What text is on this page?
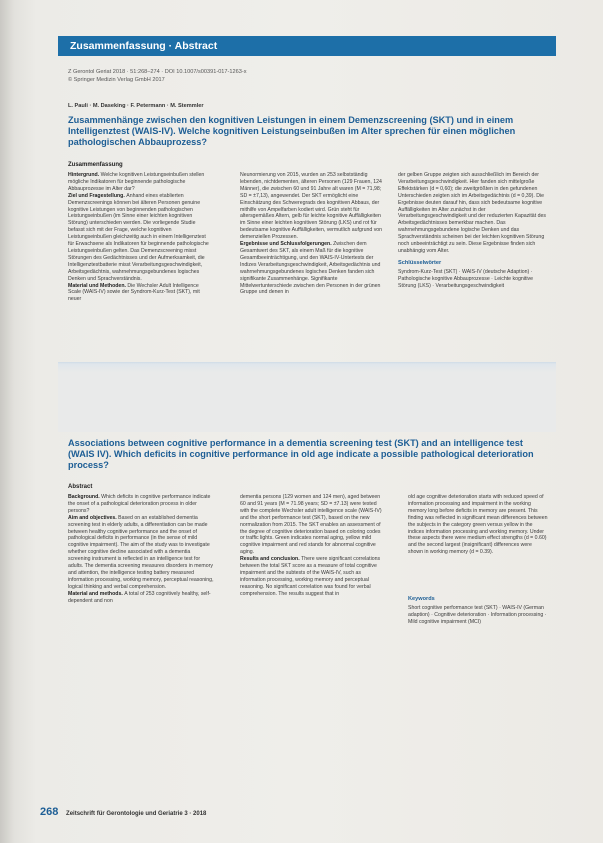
Zusammenfassung · Abstract
Z Gerontol Geriat 2018 · 51:268–274 · DOI 10.1007/s00391-017-1263-x
© Springer Medizin Verlag GmbH 2017
L. Pauli · M. Daseking · F. Petermann · M. Stemmler
Zusammenhänge zwischen den kognitiven Leistungen in einem Demenzscreening (SKT) und in einem Intelligenztest (WAIS-IV). Welche kognitiven Leistungseinbußen im Alter sprechen für einen möglichen pathologischen Abbauprozess?
Zusammenfassung
Hintergrund. Welche kognitiven Leistungseinbußen stellen mögliche Indikatoren für beginnende pathologische Abbauprozesse im Alter dar?
Ziel und Fragestellung. Anhand eines etablierten Demenzscreenings können bei älteren Personen genuine kognitive Leistungen von beginnenden pathologischen Leistungseinbußen (im Sinne einer leichten kognitiven Störung) unterschieden werden. Die vorliegende Studie befasst sich mit der Frage, welche kognitiven Leistungseinbußen gleichzeitig auch in einem Intelligenztest für Erwachsene als Indikatoren für beginnende pathologische Leistungseinbußen gelten. Das Demenzscreening misst Störungen des Gedächtnisses und der Aufmerksamkeit, die Intelligenztestbatterie misst Verarbeitungsgeschwindigkeit, Arbeitsgedächtnis, wahrnehmungsgebundenes logisches Denken und Sprachverständnis.
Material und Methoden. Die Wechsler Adult Intelligence Scale (WAIS-IV) sowie der Syndrom-Kurz-Test (SKT), mit neuer
Neunormierung von 2015, wurden an 253 selbstständig lebenden, nichtdementen, älteren Personen (129 Frauen, 124 Männer), die zwischen 60 und 91 Jahre alt waren (M = 71,98; SD = ±7,13), angewendet. Der SKT ermöglicht eine Einschätzung des Schweregrads des kognitiven Abbaus, der mithilfe von Ampelfarben kodiert wird. Grün steht für altersgemäßes Altern, gelb für leichte kognitive Auffälligkeiten im Sinne einer leichten kognitiven Störung (LKS) und rot für bedeutsame kognitive Auffälligkeiten, vermutlich aufgrund von demenziellen Prozessen.
Ergebnisse und Schlussfolgerungen. Zwischen dem Gesamtwert des SKT, als einem Maß für die kognitive Gesamtbeeinträchtigung, und den WAIS-IV-Untertests der Indizes Verarbeitungsgeschwindigkeit, Arbeitsgedächtnis und wahrnehmungsgebundenes logisches Denken fanden sich signifikante Zusammenhänge. Signifikante Mittelwertunterschiede zwischen den Personen in der grünen Gruppe und denen in
der gelben Gruppe zeigten sich ausschließlich im Bereich der Verarbeitungsgeschwindigkeit. Hier fanden sich mittelgroße Effektstärken (d = 0,60); die zweitgrößten in den gefundenen Unterschieden zeigten sich im Arbeitsgedächtnis (d = 0,39). Die Ergebnisse deuten darauf hin, dass sich bedeutsame kognitive Auffälligkeiten im Alter zunächst in der Verarbeitungsgeschwindigkeit und der reduzierten Kapazität des Arbeitsgedächtnisses bemerkbar machen. Das wahrnehmungsgebundene logische Denken und das Sprachverständnis scheinen bei der leichten kognitiven Störung noch unbeeinträchtigt zu sein. Diese Ergebnisse finden sich unabhängig vom Alter.
Schlüsselwörter

Syndrom-Kurz-Test (SKT) · WAIS-IV (deutsche Adaption) · Pathologische kognitive Abbauprozesse · Leichte kognitive Störung (LKS) · Verarbeitungsgeschwindigkeit

Associations between cognitive performance in a dementia screening test (SKT) and an intelligence test (WAIS IV). Which deficits in cognitive performance in old age indicate a possible pathological deterioration process?
Abstract
Background. Which deficits in cognitive performance indicate the onset of a pathological deterioration process in older persons?
Aim and objectives. Based on an established dementia screening test in elderly adults, a differentiation can be made between healthy cognitive performance and the onset of pathological deficits in performance (in the sense of mild cognitive impairment). The aim of the study was to investigate whether cognitive decline associated with a dementia screening instrument is reflected in an intelligence test for adults. The dementia screening measures disorders in memory and attention, the intelligence testing battery measured information processing, working memory, perceptual reasoning, logical thinking and verbal comprehension.
Material and methods. A total of 253 cognitively healthy, self-dependent and non
dementia persons (129 women and 124 men), aged between 60 and 91 years (M = 71.98 years; SD = ±7.13) were tested with the complete Wechsler adult intelligence scale (WAIS-IV) and the short performance test (SKT), based on the new normalization from 2015. The SKT enables an assessment of the degree of cognitive deterioration based on coloring codes or traffic lights. Green indicates normal aging, yellow mild cognitive impairment and red stands for abnormal cognitive aging.
Results and conclusion. There were significant correlations between the total SKT score as a measure of total cognitive impairment and the subtests of the WAIS-IV, such as information processing, working memory and perceptual reasoning. No significant correlation was found for verbal comprehension. The results suggest that in
old age cognitive deterioration starts with reduced speed of information processing and impairment in the working memory long before deficits in memory are present. This finding was reflected in significant mean differences between the subjects in the category green versus yellow in the indices information processing and working memory. Under these aspects there were medium effect strengths (d = 0.60) and the second largest (insignificant) differences were shown in working memory (d = 0.39).
Keywords

Short cognitive performance test (SKT) · WAIS-IV (German adaption) · Cognitive deterioration · Information processing · Mild cognitive impairment (MCI)

268 Zeitschrift für Gerontologie und Geriatrie 3 · 2018
